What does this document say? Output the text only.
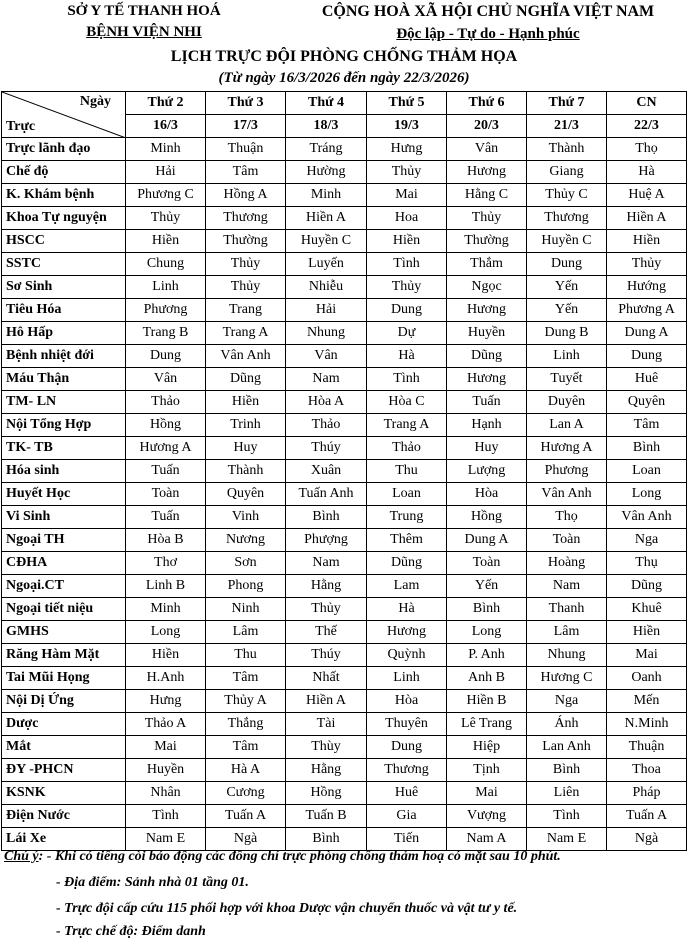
SỞ Y TẾ THANH HOÁ
BỆNH VIỆN NHI
CỘNG HOÀ XÃ HỘI CHỦ NGHĨA VIỆT NAM
Độc lập - Tự do - Hạnh phúc
LỊCH TRỰC ĐỘI PHÒNG CHỐNG THẢM HỌA
(Từ ngày 16/3/2026 đến ngày 22/3/2026)
Ngày
Trực	Thứ 2	Thứ 3	Thứ 4	Thứ 5	Thứ 6	Thứ 7	CN
	16/3	17/3	18/3	19/3	20/3	21/3	22/3
Trực lãnh đạo	Minh	Thuận	Tráng	Hưng	Vân	Thành	Thọ
Chế độ	Hải	Tâm	Hường	Thủy	Hương	Giang	Hà
K. Khám bệnh	Phương C	Hồng A	Minh	Mai	Hằng C	Thủy C	Huệ A
Khoa Tự nguyện	Thủy	Thương	Hiền A	Hoa	Thủy	Thương	Hiền A
HSCC	Hiền	Thường	Huyền C	Hiền	Thường	Huyền C	Hiền
SSTC	Chung	Thủy	Luyến	Tình	Thắm	Dung	Thủy
Sơ Sinh	Linh	Thủy	Nhiễu	Thủy	Ngọc	Yến	Hướng
Tiêu Hóa	Phương	Trang	Hải	Dung	Hương	Yến	Phương A
Hô Hấp	Trang B	Trang A	Nhung	Dự	Huyền	Dung B	Dung A
Bệnh nhiệt đới	Dung	Vân Anh	Vân	Hà	Dũng	Linh	Dung
Máu Thận	Vân	Dũng	Nam	Tình	Hương	Tuyết	Huê
TM- LN	Thảo	Hiền	Hòa A	Hòa C	Tuấn	Duyên	Quyên
Nội Tổng Hợp	Hồng	Trinh	Thảo	Trang A	Hạnh	Lan A	Tâm
TK- TB	Hương A	Huy	Thúy	Thảo	Huy	Hương A	Bình
Hóa sinh	Tuấn	Thành	Xuân	Thu	Lượng	Phương	Loan
Huyết Học	Toàn	Quyên	Tuấn Anh	Loan	Hòa	Vân Anh	Long
Vi Sinh	Tuấn	Vinh	Bình	Trung	Hồng	Thọ	Vân Anh
Ngoại TH	Hòa B	Nương	Phượng	Thêm	Dung A	Toàn	Nga
CĐHA	Thơ	Sơn	Nam	Dũng	Toàn	Hoàng	Thụ
Ngoại.CT	Linh B	Phong	Hằng	Lam	Yến	Nam	Dũng
Ngoại tiết niệu	Minh	Ninh	Thủy	Hà	Bình	Thanh	Khuê
GMHS	Long	Lâm	Thế	Hương	Long	Lâm	Hiền
Răng Hàm Mặt	Hiền	Thu	Thúy	Quỳnh	P. Anh	Nhung	Mai
Tai Mũi Họng	H.Anh	Tâm	Nhất	Linh	Anh B	Hương C	Oanh
Nội Dị Ứng	Hưng	Thủy A	Hiền A	Hòa	Hiền B	Nga	Mến
Dược	Thảo A	Thắng	Tài	Thuyên	Lê Trang	Ánh	N.Minh
Mắt	Mai	Tâm	Thùy	Dung	Hiệp	Lan Anh	Thuận
ĐY -PHCN	Huyền	Hà A	Hằng	Thương	Tịnh	Bình	Thoa
KSNK	Nhân	Cương	Hồng	Huê	Mai	Liên	Pháp
Điện Nước	Tình	Tuấn A	Tuấn B	Gia	Vượng	Tình	Tuấn A
Lái Xe	Nam E	Ngà	Bình	Tiến	Nam A	Nam E	Ngà
Chú ý: - Khi có tiếng còi báo động các đồng chí trực phòng chống thảm hoạ có mặt sau 10 phút.
- Địa điểm: Sảnh nhà 01 tầng 01.
- Trực đội cấp cứu 115 phối hợp với khoa Dược vận chuyển thuốc và vật tư y tế.
- Trực chế độ: Điểm danh
